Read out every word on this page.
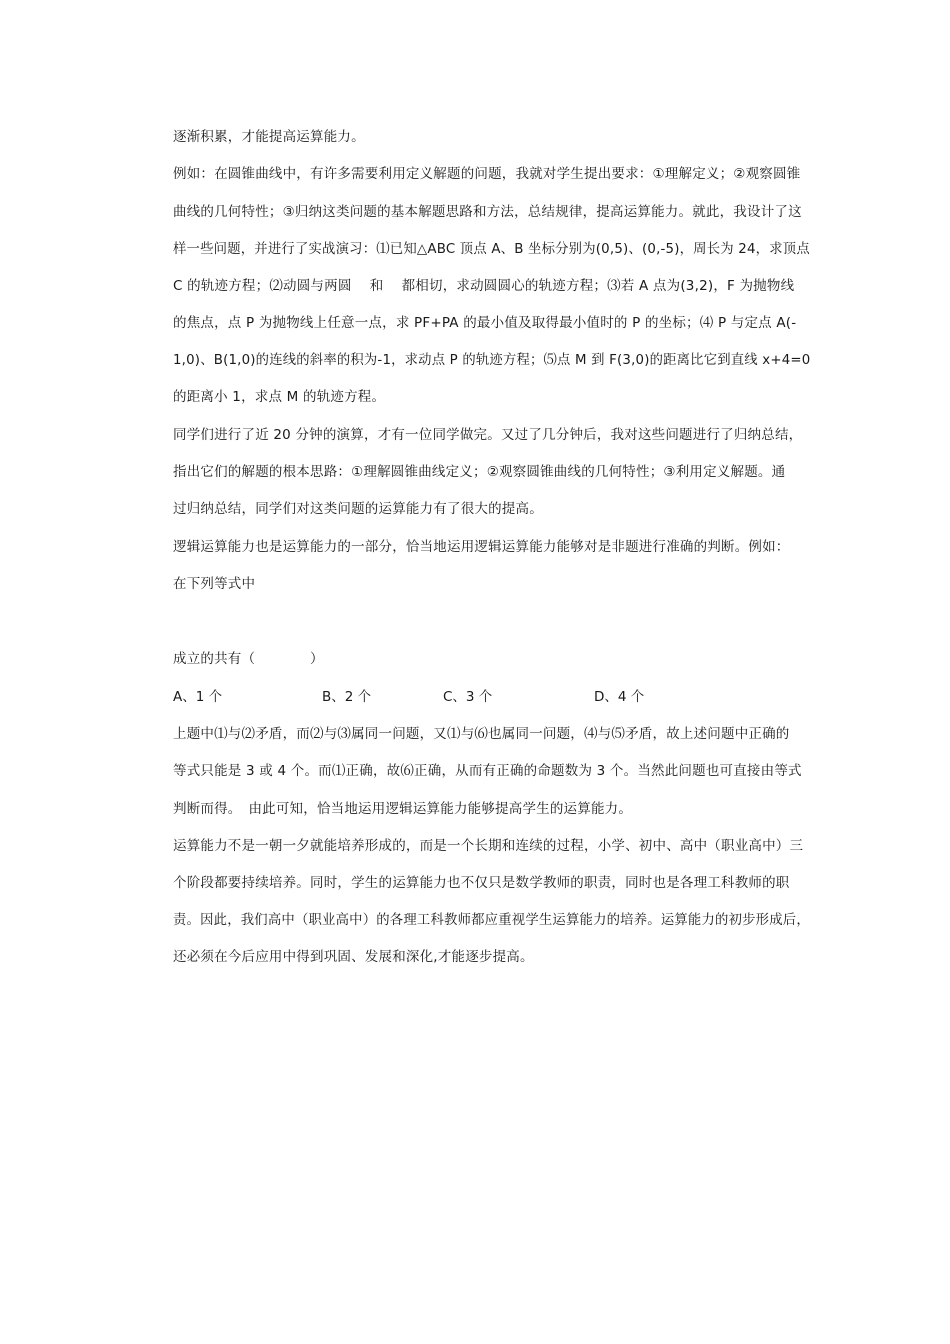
逐渐积累，才能提高运算能力。
例如：在圆锥曲线中，有许多需要利用定义解题的问题，我就对学生提出要求：①理解定义；②观察圆锥
曲线的几何特性；③归纳这类问题的基本解题思路和方法，总结规律，提高运算能力。就此，我设计了这
样一些问题，并进行了实战演习：⑴已知△ABC 顶点 A、B 坐标分别为(0,5)、(0,-5)，周长为 24，求顶点
C 的轨迹方程；⑵动圆与两圆　 和　 都相切，求动圆圆心的轨迹方程；⑶若 A 点为(3,2)，F 为抛物线
的焦点，点 P 为抛物线上任意一点，求 PF+PA 的最小值及取得最小值时的 P 的坐标；⑷ P 与定点 A(-
1,0)、B(1,0)的连线的斜率的积为-1，求动点 P 的轨迹方程；⑸点 M 到 F(3,0)的距离比它到直线 x+4=0
的距离小 1，求点 M 的轨迹方程。
同学们进行了近 20 分钟的演算，才有一位同学做完。又过了几分钟后，我对这些问题进行了归纳总结，
指出它们的解题的根本思路：①理解圆锥曲线定义；②观察圆锥曲线的几何特性；③利用定义解题。通
过归纳总结，同学们对这类问题的运算能力有了很大的提高。
逻辑运算能力也是运算能力的一部分，恰当地运用逻辑运算能力能够对是非题进行准确的判断。例如：
在下列等式中
成立的共有（　　　　）
A、1 个	B、2 个	C、3 个	D、4 个
上题中⑴与⑵矛盾，而⑵与⑶属同一问题，又⑴与⑹也属同一问题，⑷与⑸矛盾，故上述问题中正确的
等式只能是 3 或 4 个。而⑴正确，故⑹正确，从而有正确的命题数为 3 个。当然此问题也可直接由等式
判断而得。　由此可知，恰当地运用逻辑运算能力能够提高学生的运算能力。
运算能力不是一朝一夕就能培养形成的，而是一个长期和连续的过程，小学、初中、高中（职业高中）三
个阶段都要持续培养。同时，学生的运算能力也不仅只是数学教师的职责，同时也是各理工科教师的职
责。因此，我们高中（职业高中）的各理工科教师都应重视学生运算能力的培养。运算能力的初步形成后，
还必须在今后应用中得到巩固、发展和深化,才能逐步提高。
